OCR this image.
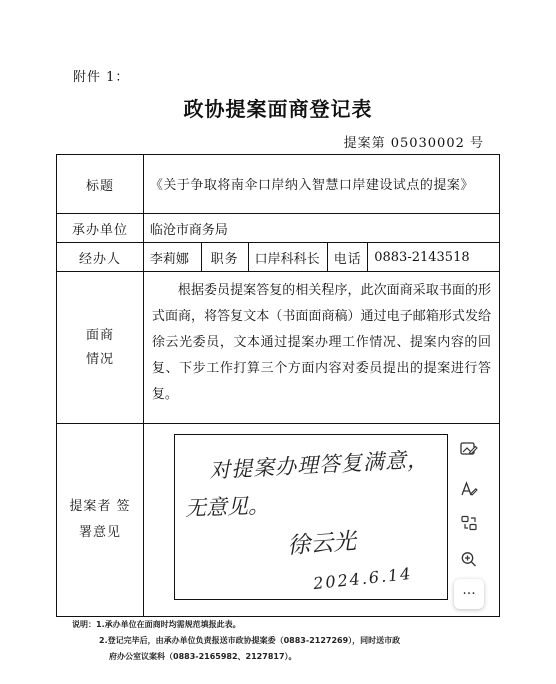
附件 1：
政协提案面商登记表
提案第 05030002 号
标题	《关于争取将南伞口岸纳入智慧口岸建设试点的提案》				
承办单位	临沧市商务局				
经办人	李莉娜	职务	口岸科科长	电话	0883-2143518
面商情况	根据委员提案答复的相关程序，此次面商采取书面的形式面商，将答复文本（书面面商稿）通过电子邮箱形式发给徐云光委员，文本通过提案办理工作情况、提案内容的回复、下步工作打算三个方面内容对委员提出的提案进行答复。				
提案者 签署意见					
对提案办理答复满意，
无意见。
徐云光
2024.6.14
···
说明：1.承办单位在面商时均需规范填报此表。
2.登记完毕后，由承办单位负责报送市政协提案委（0883-2127269），同时送市政
府办公室议案科（0883-2165982、2127817）。
